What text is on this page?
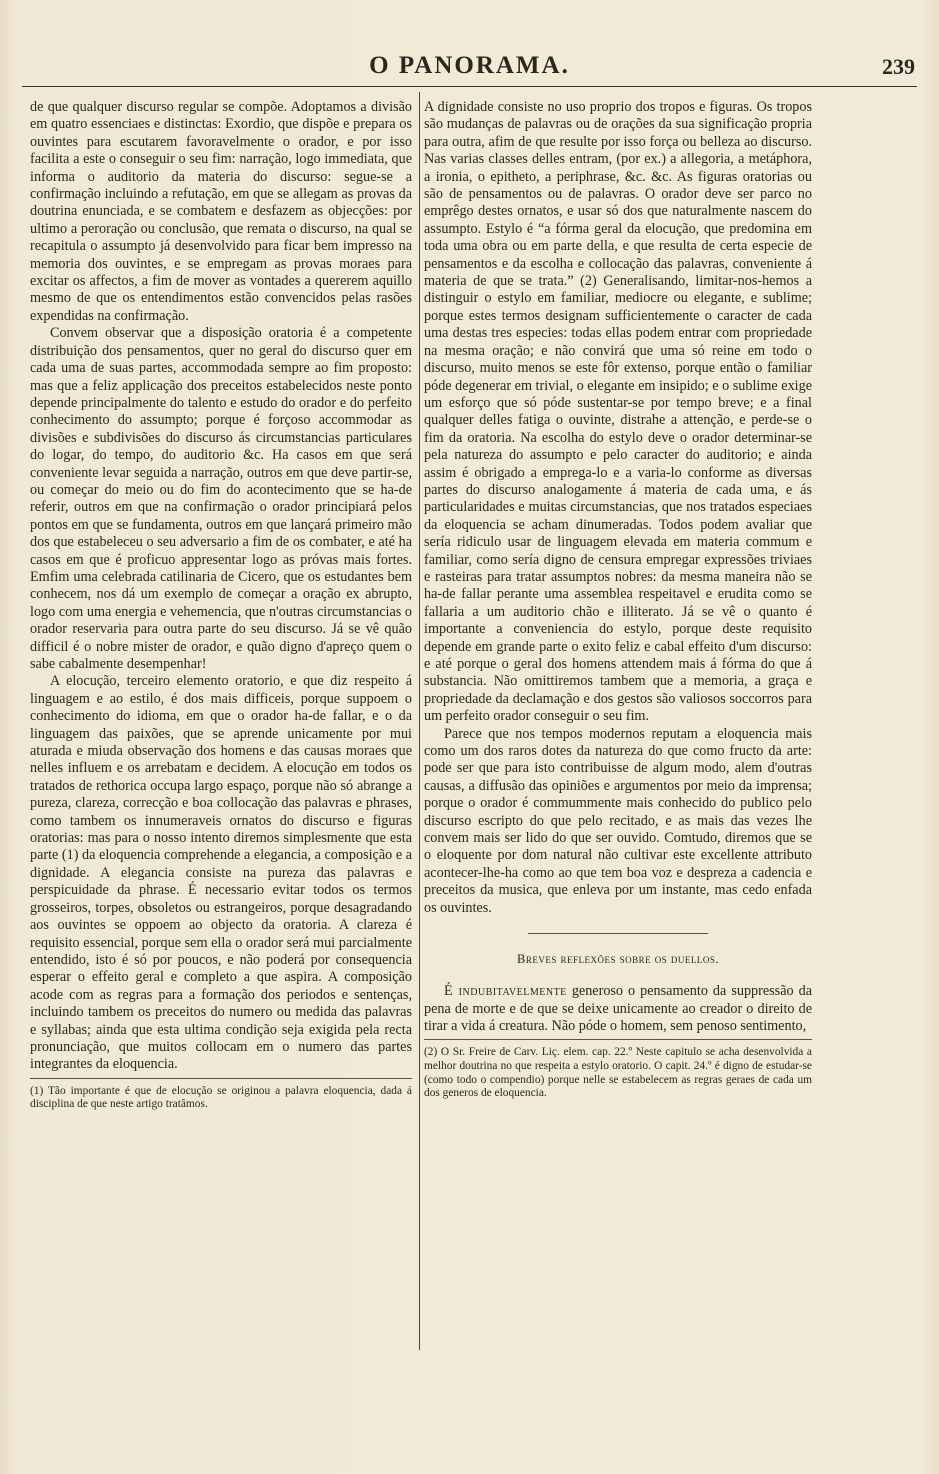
O PANORAMA.	239

de que qualquer discurso regular se compõe. Adoptamos a divisão em quatro essenciaes e distinctas: Exordio, que dispõe e prepara os ouvintes para escutarem favoravelmente o orador, e por isso facilita a este o conseguir o seu fim: narração, logo immediata, que informa o auditorio da materia do discurso: segue-se a confirmação incluindo a refutação, em que se allegam as provas da doutrina enunciada, e se combatem e desfazem as objecções: por ultimo a peroração ou conclusão, que remata o discurso, na qual se recapitula o assumpto já desenvolvido para ficar bem impresso na memoria dos ouvintes, e se empregam as provas moraes para excitar os affectos, a fim de mover as vontades a quererem aquillo mesmo de que os entendimentos estão convencidos pelas rasões expendidas na confirmação.

Convem observar que a disposição oratoria é a competente distribuição dos pensamentos, quer no geral do discurso quer em cada uma de suas partes, accommodada sempre ao fim proposto: mas que a feliz applicação dos preceitos estabelecidos neste ponto depende principalmente do talento e estudo do orador e do perfeito conhecimento do assumpto; porque é forçoso accommodar as divisões e subdivisões do discurso ás circumstancias particulares do logar, do tempo, do auditorio &c. Ha casos em que será conveniente levar seguida a narração, outros em que deve partir-se, ou começar do meio ou do fim do acontecimento que se ha-de referir, outros em que na confirmação o orador principiará pelos pontos em que se fundamenta, outros em que lançará primeiro mão dos que estabeleceu o seu adversario a fim de os combater, e até ha casos em que é proficuo appresentar logo as próvas mais fortes. Emfim uma celebrada catilinaria de Cicero, que os estudantes bem conhecem, nos dá um exemplo de começar a oração ex abrupto, logo com uma energia e vehemencia, que n'outras circumstancias o orador reservaria para outra parte do seu discurso. Já se vê quão difficil é o nobre mister de orador, e quão digno d'apreço quem o sabe cabalmente desempenhar!

A elocução, terceiro elemento oratorio, e que diz respeito á linguagem e ao estilo, é dos mais difficeis, porque suppoem o conhecimento do idioma, em que o orador ha-de fallar, e o da linguagem das paixões, que se aprende unicamente por mui aturada e miuda observação dos homens e das causas moraes que nelles influem e os arrebatam e decidem. A elocução em todos os tratados de rethorica occupa largo espaço, porque não só abrange a pureza, clareza, correcção e boa collocação das palavras e phrases, como tambem os innumeraveis ornatos do discurso e figuras oratorias: mas para o nosso intento diremos simplesmente que esta parte (1) da eloquencia comprehende a elegancia, a composição e a dignidade. A elegancia consiste na pureza das palavras e perspicuidade da phrase. É necessario evitar todos os termos grosseiros, torpes, obsoletos ou estrangeiros, porque desagradando aos ouvintes se oppoem ao objecto da oratoria. A clareza é requisito essencial, porque sem ella o orador será mui parcialmente entendido, isto é só por poucos, e não poderá por consequencia esperar o effeito geral e completo a que aspira. A composição acode com as regras para a formação dos periodos e sentenças, incluindo tambem os preceitos do numero ou medida das palavras e syllabas; ainda que esta ultima condição seja exigida pela recta pronunciação, que muitos collocam em o numero das partes integrantes da eloquencia.

(1) Tão importante é que de elocução se originou a palavra eloquencia, dada á disciplina de que neste artigo tratâmos.

A dignidade consiste no uso proprio dos tropos e figuras. Os tropos são mudanças de palavras ou de orações da sua significação propria para outra, afim de que resulte por isso força ou belleza ao discurso. Nas varias classes delles entram, (por ex.) a allegoria, a metáphora, a ironia, o epitheto, a periphrase, &c. &c. As figuras oratorias ou são de pensamentos ou de palavras. O orador deve ser parco no emprêgo destes ornatos, e usar só dos que naturalmente nascem do assumpto. Estylo é “a fórma geral da elocução, que predomina em toda uma obra ou em parte della, e que resulta de certa especie de pensamentos e da escolha e collocação das palavras, conveniente á materia de que se trata.” (2) Generalisando, limitar-nos-hemos a distinguir o estylo em familiar, mediocre ou elegante, e sublime; porque estes termos designam sufficientemente o caracter de cada uma destas tres especies: todas ellas podem entrar com propriedade na mesma oração; e não convirá que uma só reine em todo o discurso, muito menos se este fôr extenso, porque então o familiar póde degenerar em trivial, o elegante em insipido; e o sublime exige um esforço que só póde sustentar-se por tempo breve; e a final qualquer delles fatiga o ouvinte, distrahe a attenção, e perde-se o fim da oratoria. Na escolha do estylo deve o orador determinar-se pela natureza do assumpto e pelo caracter do auditorio; e ainda assim é obrigado a emprega-lo e a varia-lo conforme as diversas partes do discurso analogamente á materia de cada uma, e ás particularidades e muitas circumstancias, que nos tratados especiaes da eloquencia se acham dinumeradas. Todos podem avaliar que sería ridiculo usar de linguagem elevada em materia commum e familiar, como sería digno de censura empregar expressões triviaes e rasteiras para tratar assumptos nobres: da mesma maneira não se ha-de fallar perante uma assemblea respeitavel e erudita como se fallaria a um auditorio chão e illiterato. Já se vê o quanto é importante a conveniencia do estylo, porque deste requisito depende em grande parte o exito feliz e cabal effeito d'um discurso: e até porque o geral dos homens attendem mais á fórma do que á substancia. Não omittiremos tambem que a memoria, a graça e propriedade da declamação e dos gestos são valiosos soccorros para um perfeito orador conseguir o seu fim.

Parece que nos tempos modernos reputam a eloquencia mais como um dos raros dotes da natureza do que como fructo da arte: pode ser que para isto contribuisse de algum modo, alem d'outras causas, a diffusão das opiniões e argumentos por meio da imprensa; porque o orador é commummente mais conhecido do publico pelo discurso escripto do que pelo recitado, e as mais das vezes lhe convem mais ser lido do que ser ouvido. Comtudo, diremos que se o eloquente por dom natural não cultivar este excellente attributo acontecer-lhe-ha como ao que tem boa voz e despreza a cadencia e preceitos da musica, que enleva por um instante, mas cedo enfada os ouvintes.

Breves reflexões sobre os duellos.

É indubitavelmente generoso o pensamento da suppressão da pena de morte e de que se deixe unicamente ao creador o direito de tirar a vida á creatura. Não póde o homem, sem penoso sentimento,

(2) O Sr. Freire de Carv. Liç. elem. cap. 22.º Neste capitulo se acha desenvolvida a melhor doutrina no que respeita a estylo oratorio. O capit. 24.º é digno de estudar-se (como todo o compendio) porque nelle se estabelecem as regras geraes de cada um dos generos de eloquencia.
